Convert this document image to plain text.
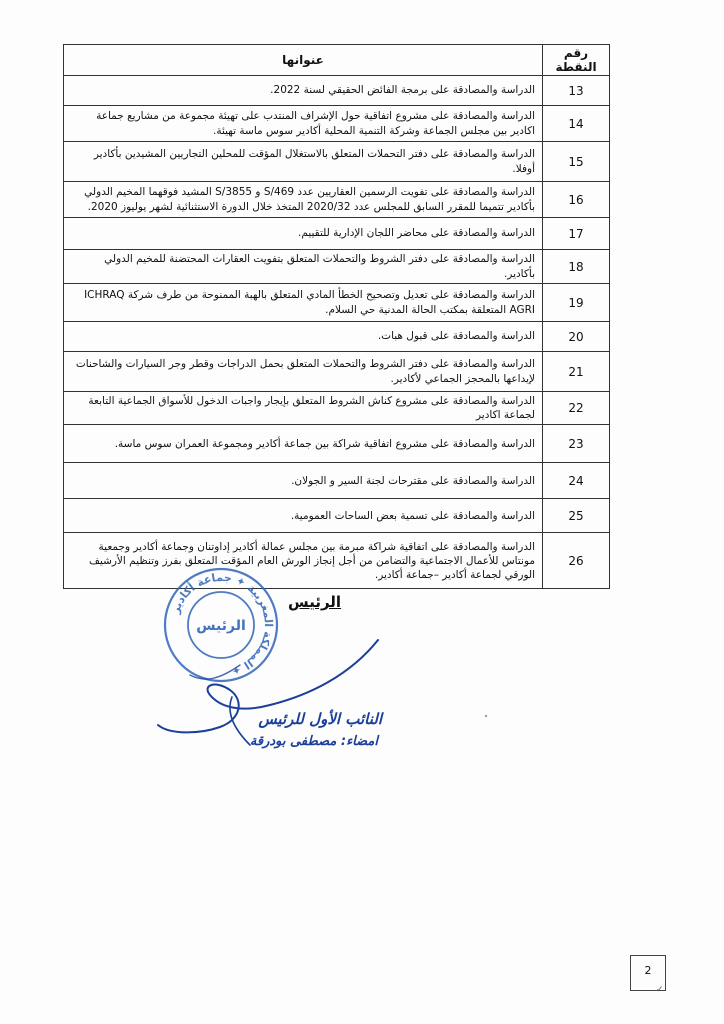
رقم النقطة	عنوانها
13	الدراسة والمصادقة على برمجة الفائض الحقيقي لسنة 2022.
14	الدراسة والمصادقة على مشروع اتفاقية حول الإشراف المنتدب على تهيئة مجموعة من مشاريع جماعة اكادير بين مجلس الجماعة وشركة التنمية المحلية أكادير سوس ماسة تهيئة.
15	الدراسة والمصادقة على دفتر التحملات المتعلق بالاستغلال المؤقت للمحلين التجاريين المشيدين بأكادير أوفلا.
16	الدراسة والمصادقة على تفويت الرسمين العقاريين عدد 469/S و 3855/S المشيد فوقهما المخيم الدولي بأكادير تتميما للمقرر السابق للمجلس عدد 2020/32 المتخذ خلال الدورة الاستثنائية لشهر يوليوز 2020.
17	الدراسة والمصادقة على محاضر اللجان الإدارية للتقييم.
18	الدراسة والمصادقة على دفتر الشروط والتحملات المتعلق بتفويت العقارات المحتضنة للمخيم الدولي بأكادير.
19	الدراسة والمصادقة على تعديل وتصحيح الخطأ المادي المتعلق بالهبة الممنوحة من طرف شركة ICHRAQ AGRI المتعلقة بمكتب الحالة المدنية حي السلام.
20	الدراسة والمصادقة على قبول هبات.
21	الدراسة والمصادقة على دفتر الشروط والتحملات المتعلق بحمل الدراجات وقطر وجر السيارات والشاحنات لإيداعها بالمحجز الجماعي لأكادير.
22	الدراسة والمصادقة على مشروع كناش الشروط المتعلق بإيجار واجبات الدخول للأسواق الجماعية التابعة لجماعة اكادير
23	الدراسة والمصادقة على مشروع اتفاقية شراكة بين جماعة أكادير ومجموعة العمران سوس ماسة.
24	الدراسة والمصادقة على مقترحات لجنة السير و الجولان.
25	الدراسة والمصادقة على تسمية بعض الساحات العمومية.
26	الدراسة والمصادقة على اتفاقية شراكة مبرمة بين مجلس عمالة أكادير إداوتنان وجماعة أكادير وجمعية مونتاس للأعمال الاجتماعية والتضامن من أجل إنجاز الورش العام المؤقت المتعلق بفرز وتنظيم الأرشيف الورقي لجماعة أكادير –جماعة أكادير.
المملكة المغربية ✦ جماعة أكادير ✦
الرئيس
الرئيس
النائب الأول للرئيس
امضاء: مصطفى بودرقة
2
✓
